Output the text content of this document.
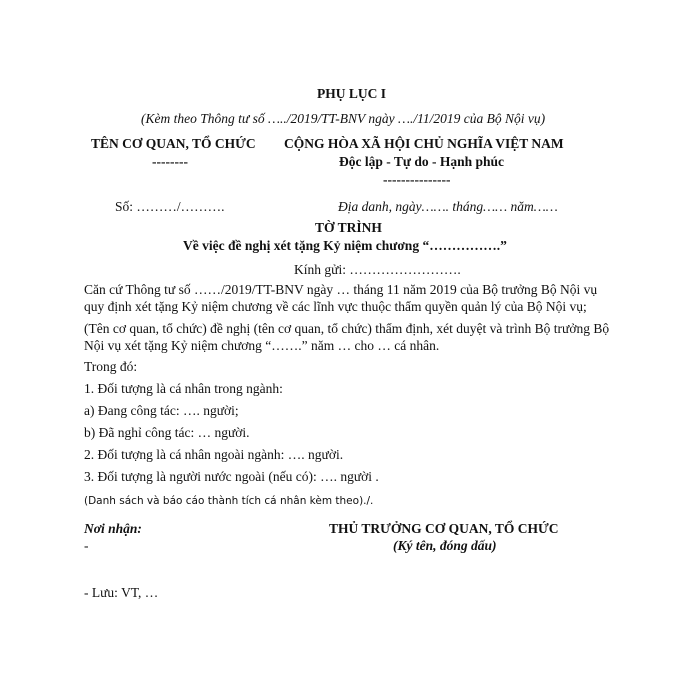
PHỤ LỤC I
(Kèm theo Thông tư số …../2019/TT-BNV ngày …./11/2019 của Bộ Nội vụ)
TÊN CƠ QUAN, TỔ CHỨC
--------
CỘNG HÒA XÃ HỘI CHỦ NGHĨA VIỆT NAM
Độc lập - Tự do - Hạnh phúc
---------------
Số: ………/……….	Địa danh, ngày……. tháng…… năm……
TỜ TRÌNH
Về việc đề nghị xét tặng Kỷ niệm chương “…………….”
Kính gửi: …………………….
Căn cứ Thông tư số ……/2019/TT-BNV ngày … tháng 11 năm 2019 của Bộ trưởng Bộ Nội vụ
quy định xét tặng Kỷ niệm chương về các lĩnh vực thuộc thẩm quyền quản lý của Bộ Nội vụ;
(Tên cơ quan, tổ chức) đề nghị (tên cơ quan, tổ chức) thẩm định, xét duyệt và trình Bộ trưởng Bộ
Nội vụ xét tặng Kỷ niệm chương “…….” năm … cho … cá nhân.
Trong đó:
1. Đối tượng là cá nhân trong ngành:
a) Đang công tác: …. người;
b) Đã nghỉ công tác: … người.
2. Đối tượng là cá nhân ngoài ngành: …. người.
3. Đối tượng là người nước ngoài (nếu có): …. người .
(Danh sách và báo cáo thành tích cá nhân kèm theo)./.
Nơi nhận:
-
THỦ TRƯỞNG CƠ QUAN, TỔ CHỨC
(Ký tên, đóng dấu)
- Lưu: VT, …
